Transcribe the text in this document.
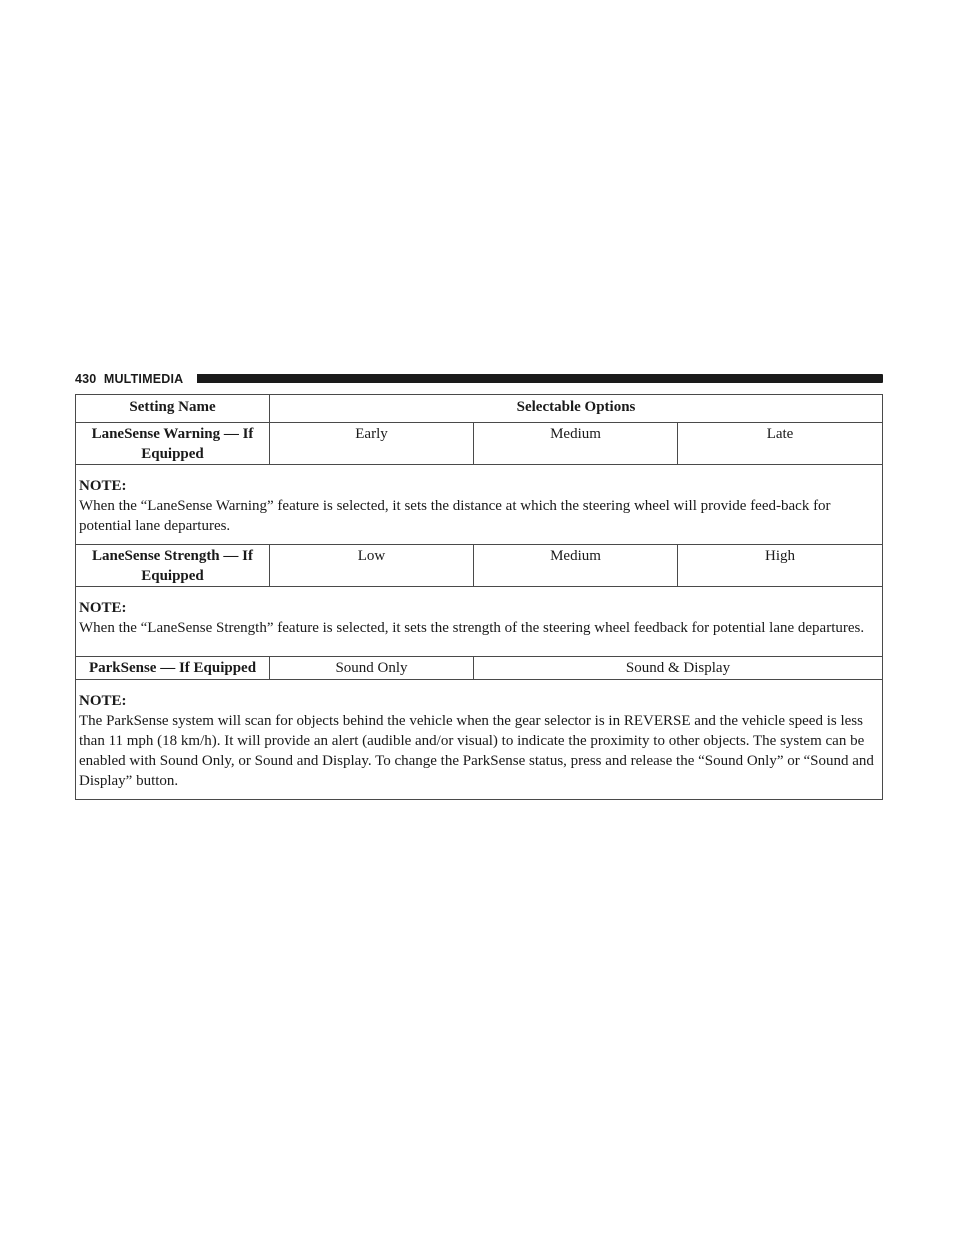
430 MULTIMEDIA
Setting Name	Selectable Options		
LaneSense Warning — If Equipped	Early	Medium	Late

NOTE:
When the “LaneSense Warning” feature is selected, it sets the distance at which the steering wheel will provide feed-back for potential lane departures.			

LaneSense Strength — If Equipped	Low	Medium	High

NOTE:
When the “LaneSense Strength” feature is selected, it sets the strength of the steering wheel feedback for potential lane departures.			

ParkSense — If Equipped	Sound Only	Sound & Display	

NOTE:
The ParkSense system will scan for objects behind the vehicle when the gear selector is in REVERSE and the vehicle speed is less than 11 mph (18 km/h). It will provide an alert (audible and/or visual) to indicate the proximity to other objects. The system can be enabled with Sound Only, or Sound and Display. To change the ParkSense status, press and release the “Sound Only” or “Sound and Display” button.			
